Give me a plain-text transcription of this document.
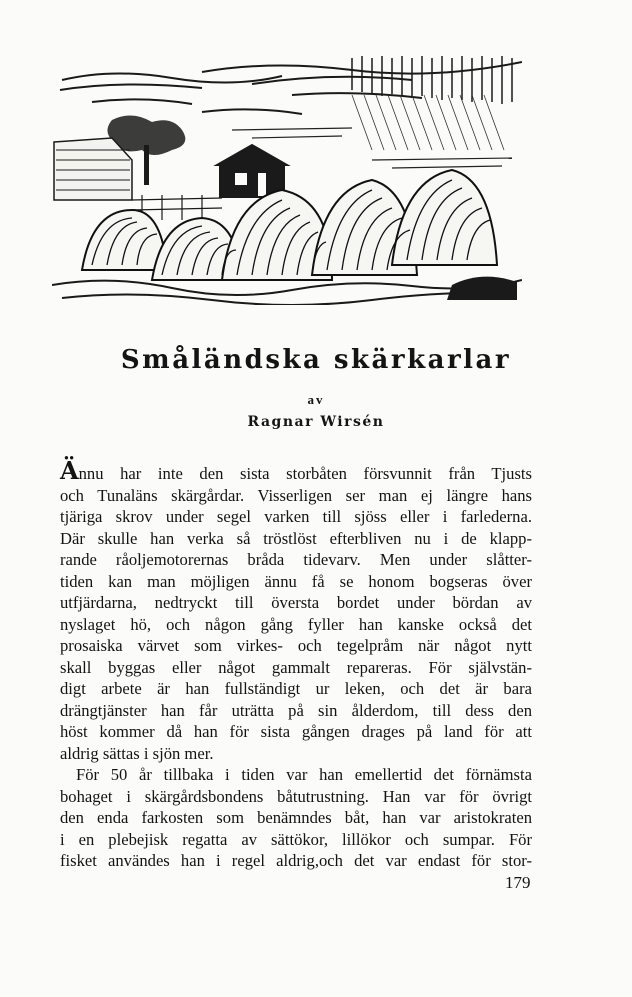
Småländska skärkarlar
av
Ragnar Wirsén
Ännu har inte den sista storbåten försvunnit från Tjusts
och Tunaläns skärgårdar. Visserligen ser man ej längre hans
tjäriga skrov under segel varken till sjöss eller i farlederna.
Där skulle han verka så tröstlöst efterbliven nu i de klapp-
rande råoljemotorernas bråda tidevarv. Men under slåtter-
tiden kan man möjligen ännu få se honom bogseras över
utfjärdarna, nedtryckt till översta bordet under bördan av
nyslaget hö, och någon gång fyller han kanske också det
prosaiska värvet som virkes- och tegelpråm när något nytt
skall byggas eller något gammalt repareras. För självstän-
digt arbete är han fullständigt ur leken, och det är bara
drängtjänster han får uträtta på sin ålderdom, till dess den
höst kommer då han för sista gången drages på land för att
aldrig sättas i sjön mer.
För 50 år tillbaka i tiden var han emellertid det förnämsta
bohaget i skärgårdsbondens båtutrustning. Han var för övrigt
den enda farkosten som benämndes båt, han var aristokraten
i en plebejisk regatta av sättökor, lillökor och sumpar. För
fisket användes han i regel aldrig,och det var endast för stor-
179
